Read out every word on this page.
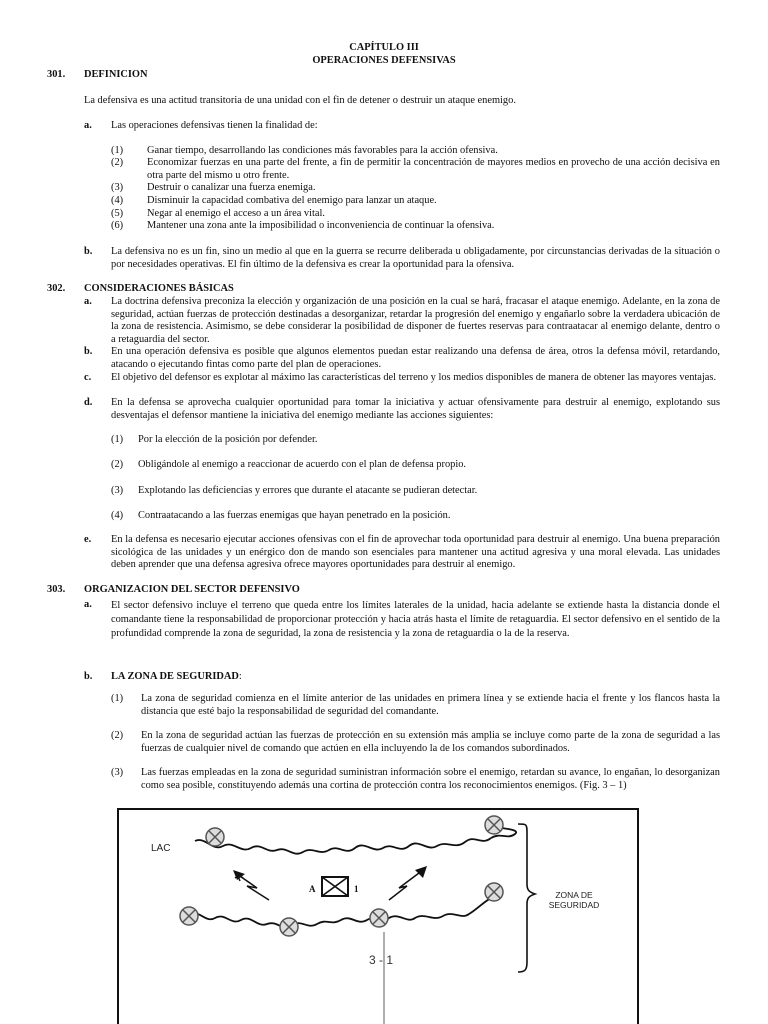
CAPÍTULO III
OPERACIONES DEFENSIVAS
301. DEFINICION
La defensiva es una actitud transitoria de una unidad con el fin de detener o destruir un ataque enemigo.
a. Las operaciones defensivas tienen la finalidad de:
(1) Ganar tiempo, desarrollando las condiciones más favorables para la acción ofensiva.
(2) Economizar fuerzas en una parte del frente, a fin de permitir la concentración de mayores medios en provecho de una acción decisiva en otra parte del mismo u otro frente.
(3) Destruir o canalizar una fuerza enemiga.
(4) Disminuir la capacidad combativa del enemigo para lanzar un ataque.
(5) Negar al enemigo el acceso a un área vital.
(6) Mantener una zona ante la imposibilidad o inconveniencia de continuar la ofensiva.
b. La defensiva no es un fin, sino un medio al que en la guerra se recurre deliberada u obligadamente, por circunstancias derivadas de la situación o por necesidades operativas. El fin último de la defensiva es crear la oportunidad para la ofensiva.
302. CONSIDERACIONES BÁSICAS
a. La doctrina defensiva preconiza la elección y organización de una posición en la cual se hará, fracasar el ataque enemigo. Adelante, en la zona de seguridad, actúan fuerzas de protección destinadas a desorganizar, retardar la progresión del enemigo y engañarlo sobre la verdadera ubicación de la zona de resistencia. Asimismo, se debe considerar la posibilidad de disponer de fuertes reservas para contraatacar al enemigo delante, dentro o a retaguardia del sector.
b. En una operación defensiva es posible que algunos elementos puedan estar realizando una defensa de área, otros la defensa móvil, retardando, atacando o ejecutando fintas como parte del plan de operaciones.
c. El objetivo del defensor es explotar al máximo las características del terreno y los medios disponibles de manera de obtener las mayores ventajas.
d. En la defensa se aprovecha cualquier oportunidad para tomar la iniciativa y actuar ofensivamente para destruir al enemigo, explotando sus desventajas el defensor mantiene la iniciativa del enemigo mediante las acciones siguientes:
(1) Por la elección de la posición por defender.
(2) Obligándole al enemigo a reaccionar de acuerdo con el plan de defensa propio.
(3) Explotando las deficiencias y errores que durante el atacante se pudieran detectar.
(4) Contraatacando a las fuerzas enemigas que hayan penetrado en la posición.
e. En la defensa es necesario ejecutar acciones ofensivas con el fin de aprovechar toda oportunidad para destruir al enemigo. Una buena preparación sicológica de las unidades y un enérgico don de mando son esenciales para mantener una actitud agresiva y una moral elevada. Las unidades deben aprender que una defensa agresiva ofrece mayores oportunidades para destruir al enemigo.
303. ORGANIZACION DEL SECTOR DEFENSIVO
a. El sector defensivo incluye el terreno que queda entre los límites laterales de la unidad, hacia adelante se extiende hasta la distancia donde el comandante tiene la responsabilidad de proporcionar protección y hacia atrás hasta el límite de retaguardia. El sector defensivo en el sentido de la profundidad comprende la zona de seguridad, la zona de resistencia y la zona de retaguardia o la de la reserva.
b. LA ZONA DE SEGURIDAD:
(1) La zona de seguridad comienza en el límite anterior de las unidades en primera línea y se extiende hacia el frente y los flancos hasta la distancia que esté bajo la responsabilidad de seguridad del comandante.
(2) En la zona de seguridad actúan las fuerzas de protección en su extensión más amplia se incluye como parte de la zona de seguridad a las fuerzas de cualquier nivel de comando que actúen en ella incluyendo la de los comandos subordinados.
(3) Las fuerzas empleadas en la zona de seguridad suministran información sobre el enemigo, retardan su avance, lo engañan, lo desorganizan como sea posible, constituyendo además una cortina de protección contra los reconocimientos enemigos. (Fig. 3 – 1)
LAC
A	1
3 - 1
ZONA DE
SEGURIDAD
